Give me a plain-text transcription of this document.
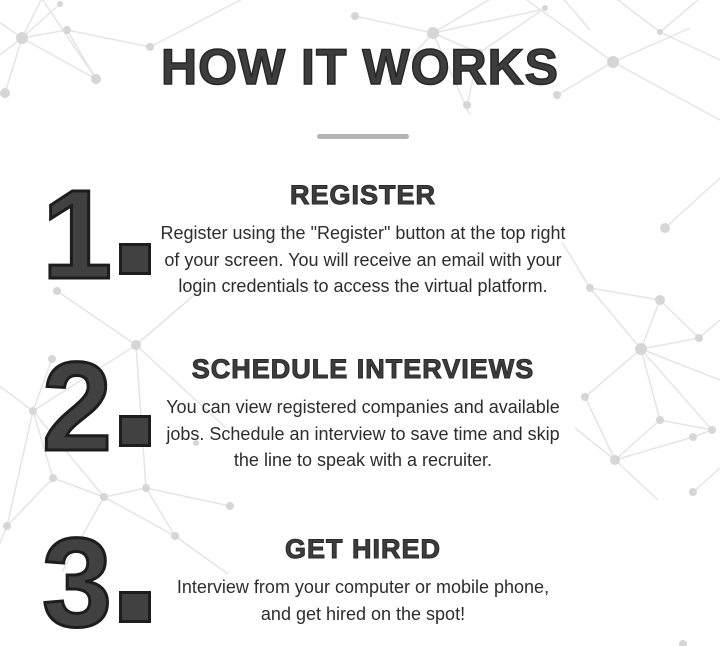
HOW IT WORKS
1	REGISTER

Register using the "Register" button at the top right of your screen. You will receive an email with your login credentials to access the virtual platform.

2	SCHEDULE INTERVIEWS

You can view registered companies and available jobs. Schedule an interview to save time and skip the line to speak with a recruiter.

3	GET HIRED

Interview from your computer or mobile phone, and get hired on the spot!
